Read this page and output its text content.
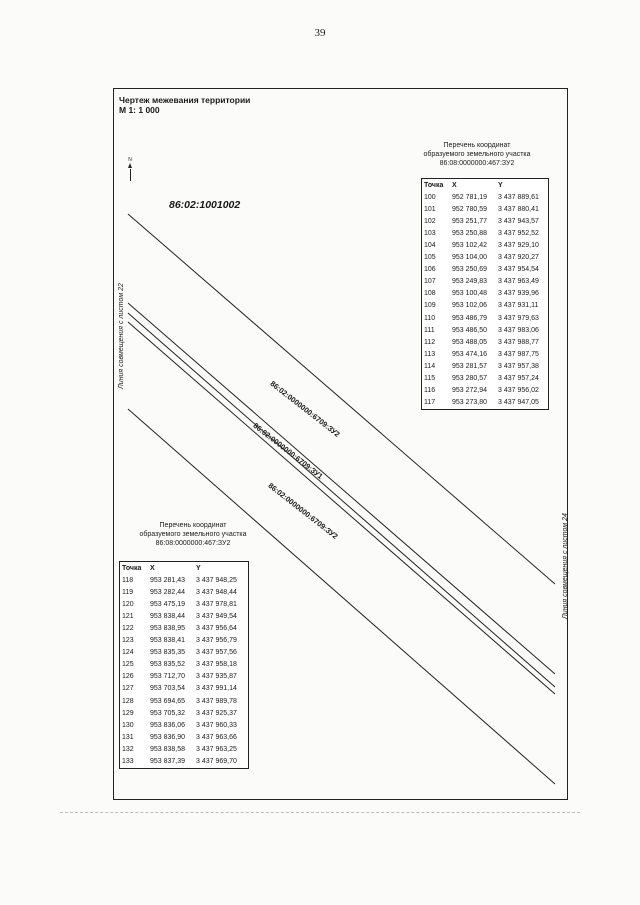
39
Чертеж межевания территории
М 1: 1 000
N
86:02:1001002
Линия совмещения с листом 22
Линия совмещения с листом 24
86:02:0000000:6709:ЗУ2
86:02:0000000:6709:ЗУ1
86:02:0000000:6709:ЗУ2
Перечень координат
образуемого земельного участка
86:08:0000000:467:ЗУ2
Точка	X	Y
100	952 781,19	3 437 889,61
101	952 780,59	3 437 880,41
102	953 251,77	3 437 943,57
103	953 250,88	3 437 952,52
104	953 102,42	3 437 929,10
105	953 104,00	3 437 920,27
106	953 250,69	3 437 954,54
107	953 249,83	3 437 963,49
108	953 100,48	3 437 939,96
109	953 102,06	3 437 931,11
110	953 486,79	3 437 979,63
111	953 486,50	3 437 983,06
112	953 488,05	3 437 988,77
113	953 474,16	3 437 987,75
114	953 281,57	3 437 957,38
115	953 280,57	3 437 957,24
116	953 272,94	3 437 956,02
117	953 273,80	3 437 947,05
Перечень координат
образуемого земельного участка
86:08:0000000:467:ЗУ2
Точка	X	Y
118	953 281,43	3 437 948,25
119	953 282,44	3 437 948,44
120	953 475,19	3 437 978,81
121	953 838,44	3 437 949,54
122	953 838,95	3 437 956,64
123	953 838,41	3 437 956,79
124	953 835,35	3 437 957,56
125	953 835,52	3 437 958,18
126	953 712,70	3 437 935,87
127	953 703,54	3 437 991,14
128	953 694,65	3 437 989,78
129	953 705,32	3 437 925,37
130	953 836,06	3 437 960,33
131	953 836,90	3 437 963,66
132	953 838,58	3 437 963,25
133	953 837,39	3 437 969,70
